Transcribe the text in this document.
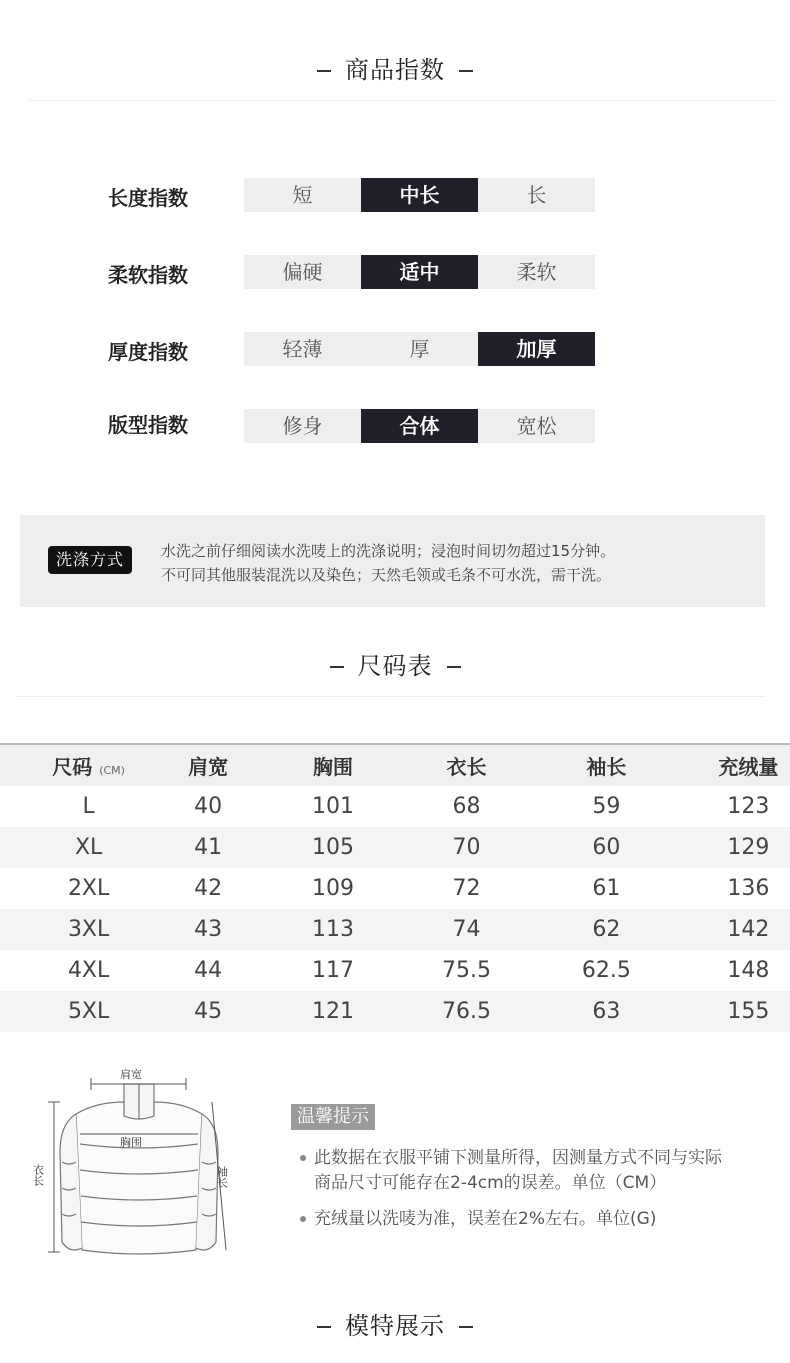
商品指数
长度指数	短	中长	长
柔软指数	偏硬	适中	柔软
厚度指数	轻薄	厚	加厚
版型指数	修身	合体	宽松
洗涤方式	水洗之前仔细阅读水洗唛上的洗涤说明；浸泡时间切勿超过15分钟。
不可同其他服装混洗以及染色；天然毛领或毛条不可水洗，需干洗。
尺码表
尺码 (CM)	肩宽	胸围	衣长	袖长	充绒量
L	40	101	68	59	123
XL	41	105	70	60	129
2XL	42	109	72	61	136
3XL	43	113	74	62	142
4XL	44	117	75.5	62.5	148
5XL	45	121	76.5	63	155
肩宽
胸围
衣长	袖长
温馨提示
此数据在衣服平铺下测量所得，因测量方式不同与实际
商品尺寸可能存在2-4cm的误差。单位（CM）
充绒量以洗唛为准，误差在2%左右。单位(G)
模特展示
